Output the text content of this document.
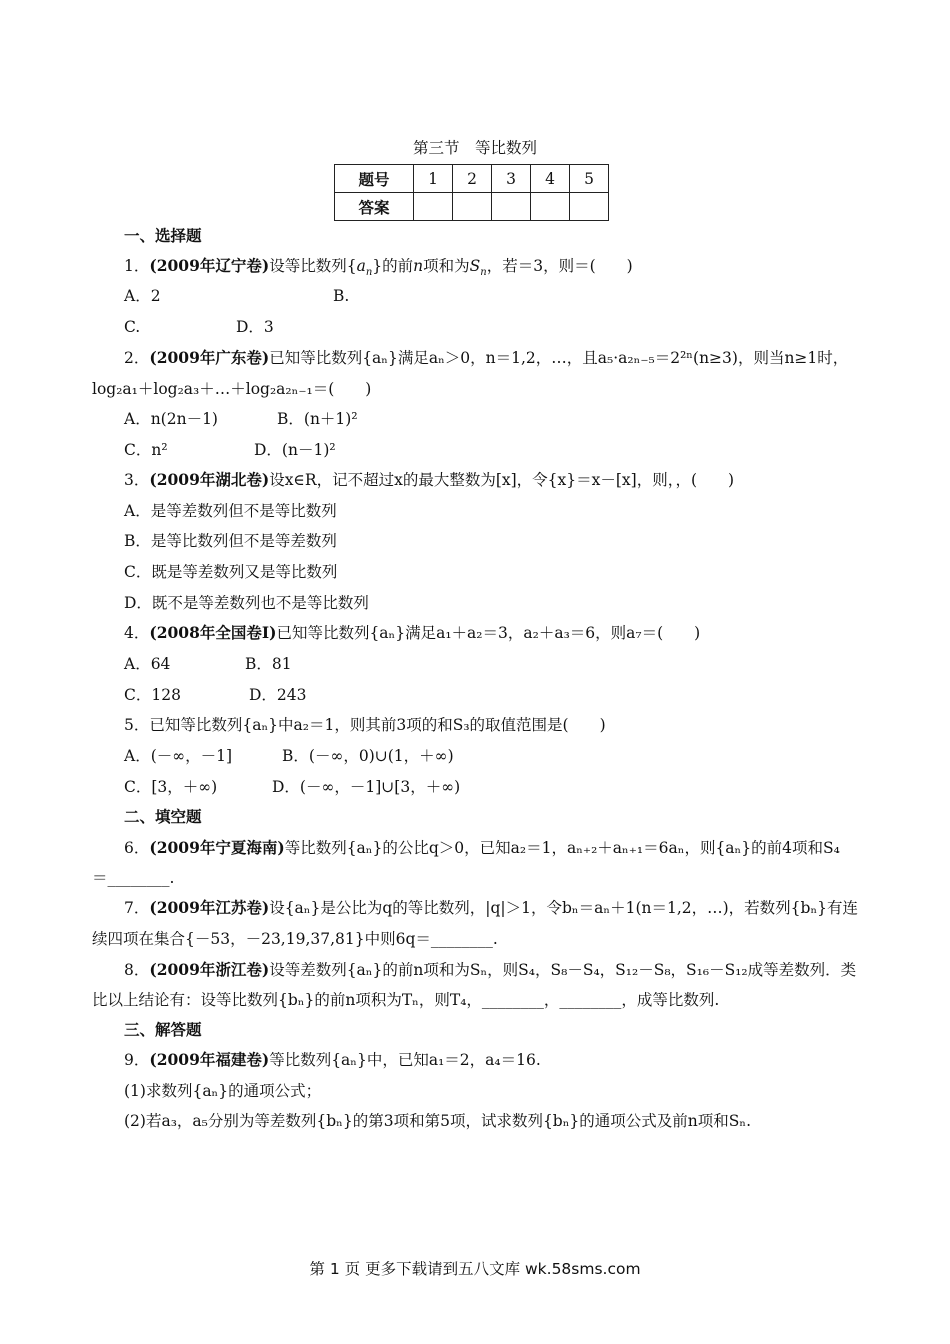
第三节　等比数列
题号	1	2	3	4	5
答案					
一、选择题
1．(2009年辽宁卷)设等比数列$\{a_n\}$的前n项和为$S_n$，若＝3，则＝(　　)
A．2	B.
C.	D．3
2．(2009年广东卷)已知等比数列{aₙ}满足aₙ＞0，n＝1,2，…，且a₅·a₂ₙ₋₅＝2²ⁿ(n≥3)，则当n≥1时，
log₂a₁＋log₂a₃＋…＋log₂a₂ₙ₋₁＝(　　)
A．n(2n－1)	B．(n＋1)²
C．n²	D．(n－1)²
3．(2009年湖北卷)设x∈R，记不超过x的最大整数为[x]，令{x}＝x－[x]，则，，(　　)
A．是等差数列但不是等比数列
B．是等比数列但不是等差数列
C．既是等差数列又是等比数列
D．既不是等差数列也不是等比数列
4．(2008年全国卷Ⅰ)已知等比数列{aₙ}满足a₁＋a₂＝3，a₂＋a₃＝6，则a₇＝(　　)
A．64	B．81
C．128	D．243
5．已知等比数列{aₙ}中a₂＝1，则其前3项的和S₃的取值范围是(　　)
A．(－∞，－1]	B．(－∞，0)∪(1，＋∞)
C．[3，＋∞)	D．(－∞，－1]∪[3，＋∞)
二、填空题
6．(2009年宁夏海南)等比数列{aₙ}的公比q＞0，已知a₂＝1，aₙ₊₂＋aₙ₊₁＝6aₙ，则{aₙ}的前4项和S₄
＝________.
7．(2009年江苏卷)设{aₙ}是公比为q的等比数列，|q|＞1，令bₙ＝aₙ＋1(n＝1,2，…)，若数列{bₙ}有连
续四项在集合{－53，－23,19,37,81}中则6q＝________.
8．(2009年浙江卷)设等差数列{aₙ}的前n项和为Sₙ，则S₄，S₈－S₄，S₁₂－S₈，S₁₆－S₁₂成等差数列．类
比以上结论有：设等比数列{bₙ}的前n项积为Tₙ，则T₄，________，________，成等比数列.
三、解答题
9．(2009年福建卷)等比数列{aₙ}中，已知a₁＝2，a₄＝16.
(1)求数列{aₙ}的通项公式；
(2)若a₃，a₅分别为等差数列{bₙ}的第3项和第5项，试求数列{bₙ}的通项公式及前n项和Sₙ.
第 1 页 更多下载请到五八文库 wk.58sms.com
